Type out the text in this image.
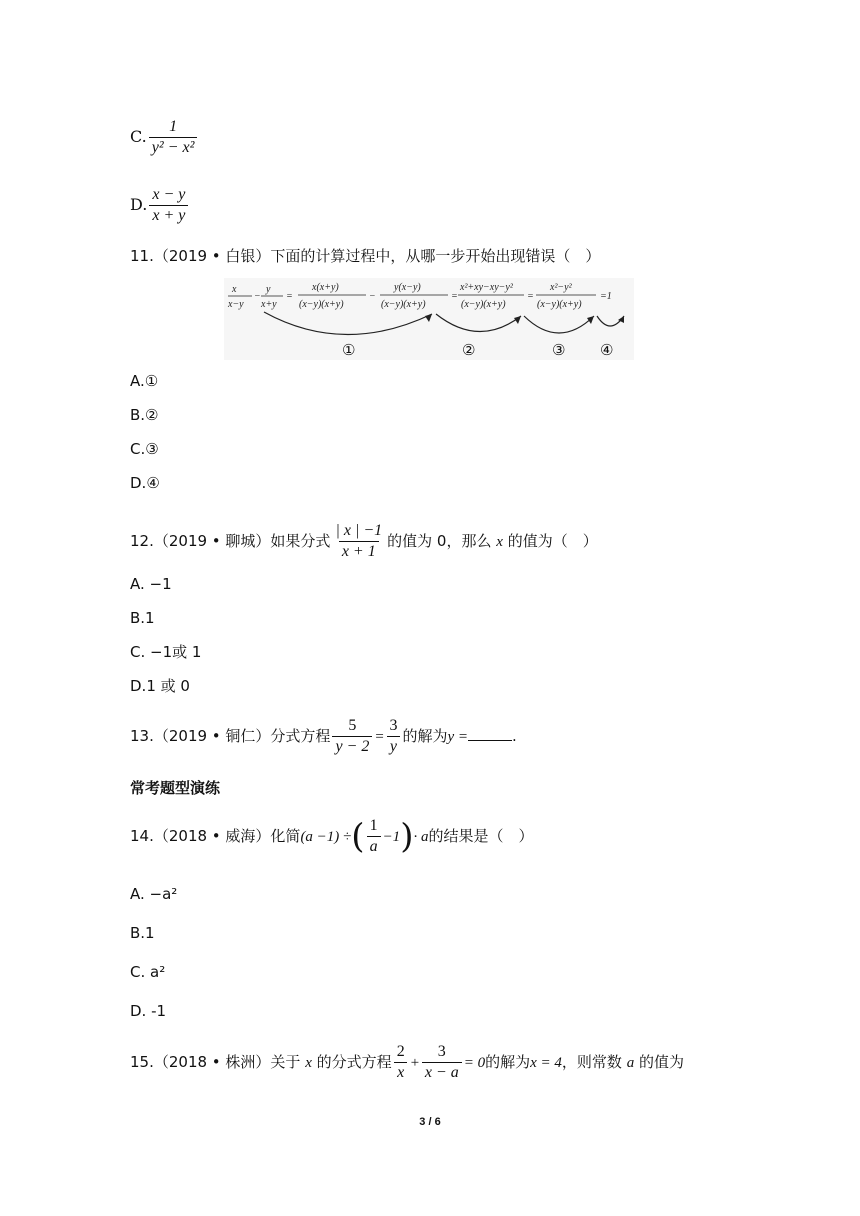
C. $\frac{1}{\text{y² − x²}}$
D. $\frac{x - y}{x + y}$
11.（2019 • 白银）下面的计算过程中，从哪一步开始出现错误（　）
x
x−y
−
y
x+y
=
x(x+y)
(x−y)(x+y)
−
y(x−y)
(x−y)(x+y)
=
x²+xy−xy−y²
(x−y)(x+y)
=
x²−y²
(x−y)(x+y)
=1
①	②	③ ④
A.①
B.②
C.③
D.④
12.（2019 • 聊城）如果分式 $\frac{| x | -1}{x + 1}$ 的值为 0，那么 x 的值为（　）
A. −1
B.1
C. −1或 1
D.1 或 0
13.（2019 • 铜仁）分式方程 $\frac{5}{y - 2} = \frac{3}{y}$ 的解为y =	.
常考题型演练
14.（2018 • 威海）化简(a −1) ÷( $\frac{1}{a} -1)\cdot a$的结果是（　）
A. −a²
B.1
C. a²
D. -1
15.（2018 • 株洲）关于 x 的分式方程 $\frac{2}{x} + \frac{3}{x - a} = 0$的解为x = 4，则常数 a 的值为
3 / 6
